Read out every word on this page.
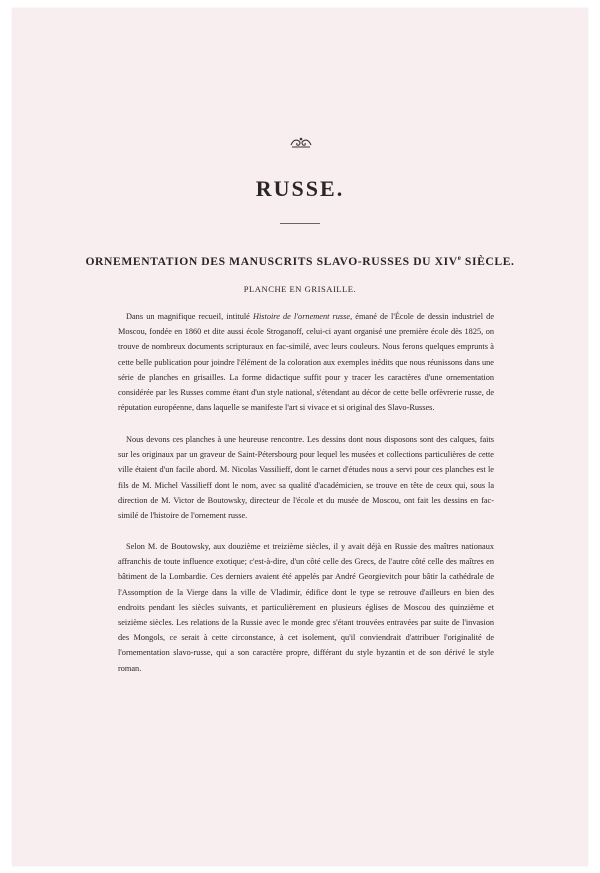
RUSSE.
ORNEMENTATION DES MANUSCRITS SLAVO-RUSSES DU XIVe SIÈCLE.

PLANCHE EN GRISAILLE.

Dans un magnifique recueil, intitulé Histoire de l'ornement russe, émané de l'École de dessin industriel de Moscou, fondée en 1860 et dite aussi école Stroganoff, celui-ci ayant organisé une première école dès 1825, on trouve de nombreux documents scripturaux en fac-similé, avec leurs couleurs. Nous ferons quelques emprunts à cette belle publication pour joindre l'élément de la coloration aux exemples inédits que nous réunissons dans une série de planches en grisailles. La forme didactique suffit pour y tracer les caractères d'une ornementation considérée par les Russes comme étant d'un style national, s'étendant au décor de cette belle orfèvrerie russe, de réputation européenne, dans laquelle se manifeste l'art si vivace et si original des Slavo-Russes.

Nous devons ces planches à une heureuse rencontre. Les dessins dont nous disposons sont des calques, faits sur les originaux par un graveur de Saint-Pétersbourg pour lequel les musées et collections particulières de cette ville étaient d'un facile abord. M. Nicolas Vassilieff, dont le carnet d'études nous a servi pour ces planches est le fils de M. Michel Vassilieff dont le nom, avec sa qualité d'académicien, se trouve en tête de ceux qui, sous la direction de M. Victor de Boutowsky, directeur de l'école et du musée de Moscou, ont fait les dessins en fac-similé de l'histoire de l'ornement russe.

Selon M. de Boutowsky, aux douzième et treizième siècles, il y avait déjà en Russie des maîtres nationaux affranchis de toute influence exotique; c'est-à-dire, d'un côté celle des Grecs, de l'autre côté celle des maîtres en bâtiment de la Lombardie. Ces derniers avaient été appelés par André Georgievitch pour bâtir la cathédrale de l'Assomption de la Vierge dans la ville de Vladimir, édifice dont le type se retrouve d'ailleurs en bien des endroits pendant les siècles suivants, et particulièrement en plusieurs églises de Moscou des quinzième et seizième siècles. Les relations de la Russie avec le monde grec s'étant trouvées entravées par suite de l'invasion des Mongols, ce serait à cette circonstance, à cet isolement, qu'il conviendrait d'attribuer l'originalité de l'ornementation slavo-russe, qui a son caractère propre, différant du style byzantin et de son dérivé le style roman.
